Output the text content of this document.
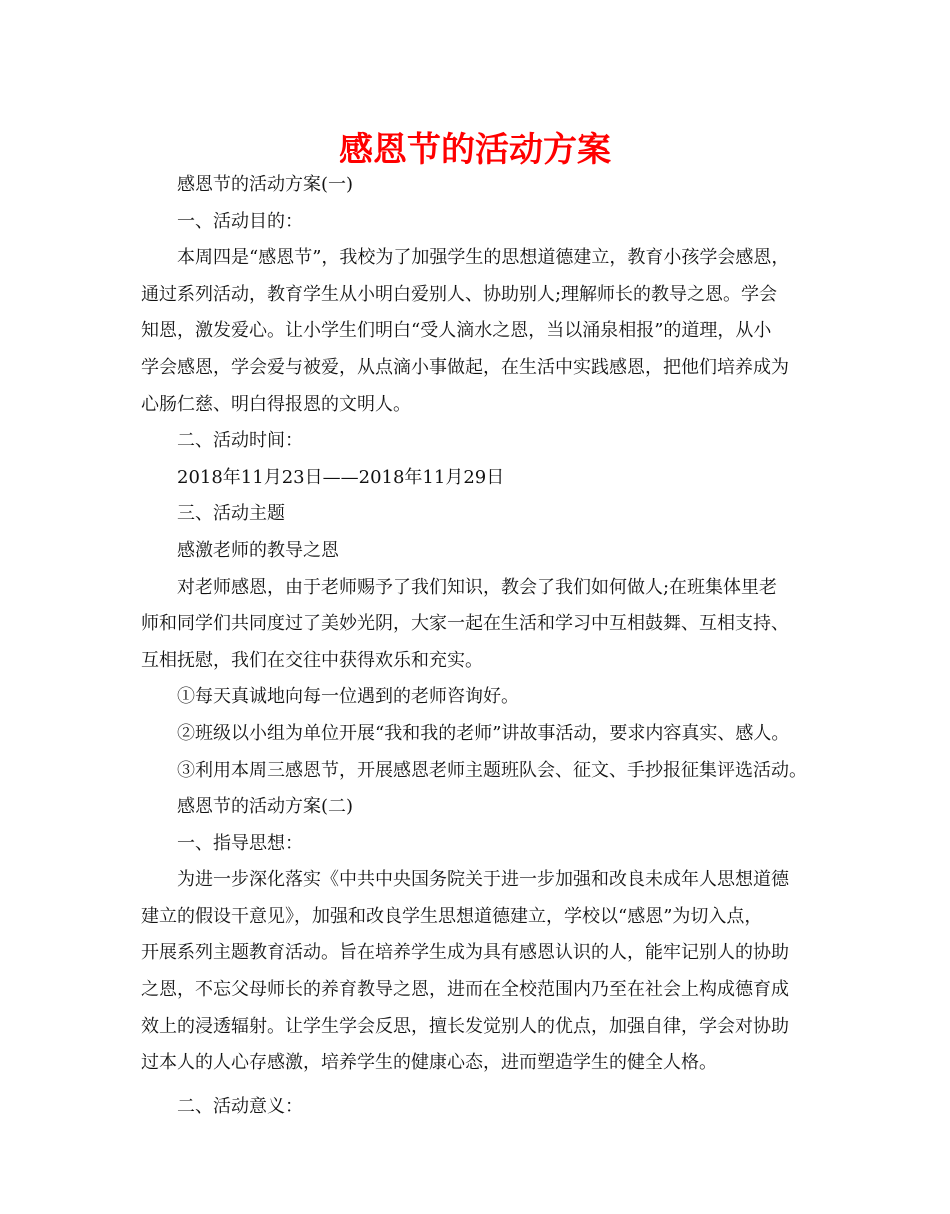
感恩节的活动方案
感恩节的活动方案(一)
一、活动目的：
本周四是“感恩节”，我校为了加强学生的思想道德建立，教育小孩学会感恩，
通过系列活动，教育学生从小明白爱别人、协助别人;理解师长的教导之恩。学会
知恩，激发爱心。让小学生们明白“受人滴水之恩，当以涌泉相报”的道理，从小
学会感恩，学会爱与被爱，从点滴小事做起，在生活中实践感恩，把他们培养成为
心肠仁慈、明白得报恩的文明人。
二、活动时间：
2018年11月23日——2018年11月29日
三、活动主题
感激老师的教导之恩
对老师感恩，由于老师赐予了我们知识，教会了我们如何做人;在班集体里老
师和同学们共同度过了美妙光阴，大家一起在生活和学习中互相鼓舞、互相支持、
互相抚慰，我们在交往中获得欢乐和充实。
①每天真诚地向每一位遇到的老师咨询好。
②班级以小组为单位开展“我和我的老师”讲故事活动，要求内容真实、感人。
③利用本周三感恩节，开展感恩老师主题班队会、征文、手抄报征集评选活动。
感恩节的活动方案(二)
一、指导思想：
为进一步深化落实《中共中央国务院关于进一步加强和改良未成年人思想道德
建立的假设干意见》，加强和改良学生思想道德建立，学校以“感恩”为切入点，
开展系列主题教育活动。旨在培养学生成为具有感恩认识的人，能牢记别人的协助
之恩，不忘父母师长的养育教导之恩，进而在全校范围内乃至在社会上构成德育成
效上的浸透辐射。让学生学会反思，擅长发觉别人的优点，加强自律，学会对协助
过本人的人心存感激，培养学生的健康心态，进而塑造学生的健全人格。
二、活动意义：
